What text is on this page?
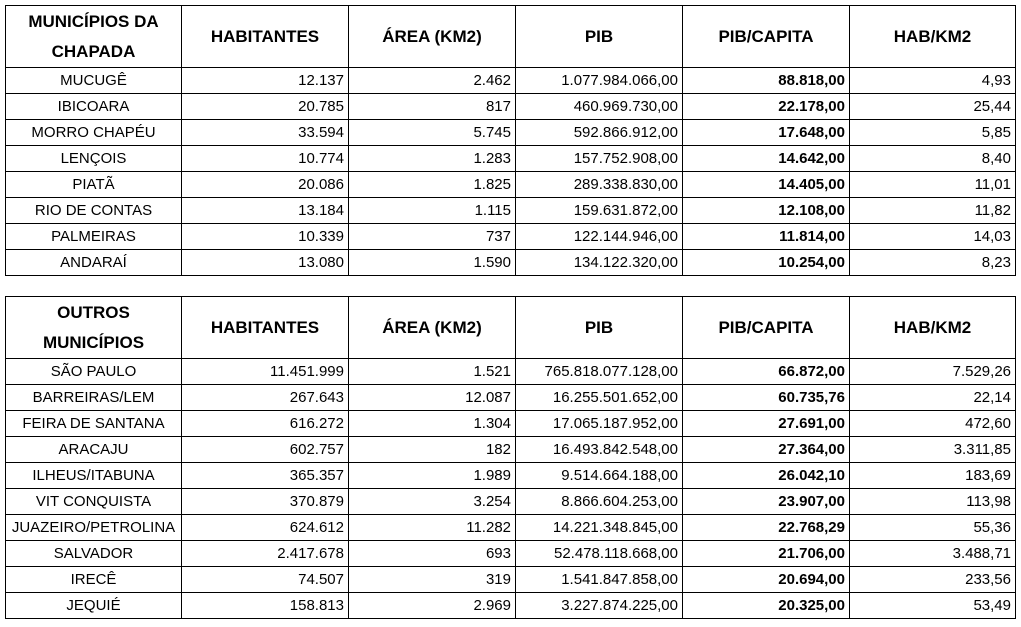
MUNICÍPIOS DA CHAPADA	HABITANTES	ÁREA (KM2)	PIB	PIB/CAPITA	HAB/KM2
MUCUGÊ	12.137	2.462	1.077.984.066,00	88.818,00	4,93
IBICOARA	20.785	817	460.969.730,00	22.178,00	25,44
MORRO CHAPÉU	33.594	5.745	592.866.912,00	17.648,00	5,85
LENÇOIS	10.774	1.283	157.752.908,00	14.642,00	8,40
PIATÃ	20.086	1.825	289.338.830,00	14.405,00	11,01
RIO DE CONTAS	13.184	1.115	159.631.872,00	12.108,00	11,82
PALMEIRAS	10.339	737	122.144.946,00	11.814,00	14,03
ANDARAÍ	13.080	1.590	134.122.320,00	10.254,00	8,23
OUTROS MUNICÍPIOS	HABITANTES	ÁREA (KM2)	PIB	PIB/CAPITA	HAB/KM2
SÃO PAULO	11.451.999	1.521	765.818.077.128,00	66.872,00	7.529,26
BARREIRAS/LEM	267.643	12.087	16.255.501.652,00	60.735,76	22,14
FEIRA DE SANTANA	616.272	1.304	17.065.187.952,00	27.691,00	472,60
ARACAJU	602.757	182	16.493.842.548,00	27.364,00	3.311,85
ILHEUS/ITABUNA	365.357	1.989	9.514.664.188,00	26.042,10	183,69
VIT CONQUISTA	370.879	3.254	8.866.604.253,00	23.907,00	113,98
JUAZEIRO/PETROLINA	624.612	11.282	14.221.348.845,00	22.768,29	55,36
SALVADOR	2.417.678	693	52.478.118.668,00	21.706,00	3.488,71
IRECÊ	74.507	319	1.541.847.858,00	20.694,00	233,56
JEQUIÉ	158.813	2.969	3.227.874.225,00	20.325,00	53,49
